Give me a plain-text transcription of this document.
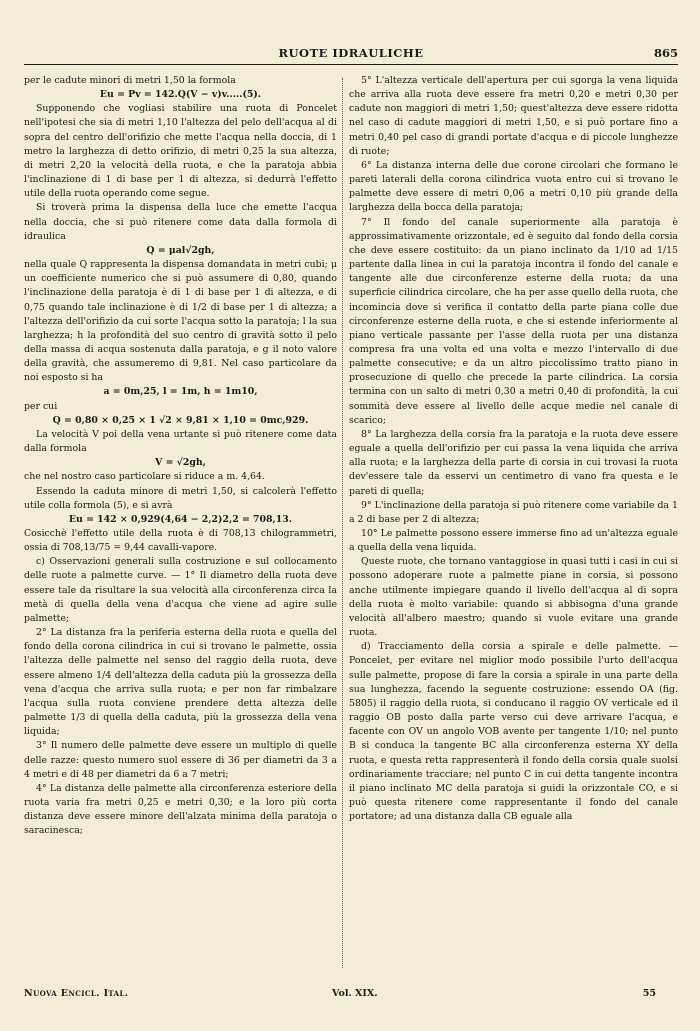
RUOTE IDRAULICHE	865

per le cadute minori di metri 1,50 la formola

Eu = Pv = 142.Q(V − v)v.....(5).

Supponendo che vogliasi stabilire una ruota di Poncelet nell'ipotesi che sia di metri 1,10 l'altezza del pelo dell'acqua al di sopra del centro dell'orifizio che mette l'acqua nella doccia, di 1 metro la larghezza di detto orifizio, di metri 0,25 la sua altezza, di metri 2,20 la velocità della ruota, e che la paratoja abbia l'inclinazione di 1 di base per 1 di altezza, si dedurrà l'effetto utile della ruota operando come segue.

Si troverà prima la dispensa della luce che emette l'acqua nella doccia, che si può ritenere come data dalla formola di idraulica

Q = μal√2gh,

nella quale Q rappresenta la dispensa domandata in metri cubi; μ un coefficiente numerico che si può assumere di 0,80, quando l'inclinazione della paratoja è di 1 di base per 1 di altezza, e di 0,75 quando tale inclinazione è di 1/2 di base per 1 di altezza; a l'altezza dell'orifizio da cui sorte l'acqua sotto la paratoja; l la sua larghezza; h la profondità del suo centro di gravità sotto il pelo della massa di acqua sostenuta dalla paratoja, e g il noto valore della gravità, che assumeremo di 9,81. Nel caso particolare da noi esposto si ha

a = 0m,25, l = 1m, h = 1m10,

per cui

Q = 0,80 × 0,25 × 1 √2 × 9,81 × 1,10 = 0mc,929.

La velocità V poi della vena urtante si può ritenere come data dalla formola

V = √2gh,

che nel nostro caso particolare si riduce a m. 4,64.

Essendo la caduta minore di metri 1,50, si calcolerà l'effetto utile colla formola (5), e si avrà

Eu = 142 × 0,929(4,64 − 2,2)2,2 = 708,13.

Cosicchè l'effetto utile della ruota è di 708,13 chilogrammetri, ossia di 708,13/75 = 9,44 cavalli-vapore.

c) Osservazioni generali sulla costruzione e sul collocamento delle ruote a palmette curve. — 1° Il diametro della ruota deve essere tale da risultare la sua velocità alla circonferenza circa la metà di quella della vena d'acqua che viene ad agire sulle palmette;

2° La distanza fra la periferia esterna della ruota e quella del fondo della corona cilindrica in cui si trovano le palmette, ossia l'altezza delle palmette nel senso del raggio della ruota, deve essere almeno 1/4 dell'altezza della caduta più la grossezza della vena d'acqua che arriva sulla ruota; e per non far rimbalzare l'acqua sulla ruota conviene prendere detta altezza delle palmette 1/3 di quella della caduta, più la grossezza della vena liquida;

3° Il numero delle palmette deve essere un multiplo di quelle delle razze: questo numero suol essere di 36 per diametri da 3 a 4 metri e di 48 per diametri da 6 a 7 metri;

4° La distanza delle palmette alla circonferenza esteriore della ruota varia fra metri 0,25 e metri 0,30; e la loro più corta distanza deve essere minore dell'alzata minima della paratoja o saracinesca;

5° L'altezza verticale dell'apertura per cui sgorga la vena liquida che arriva alla ruota deve essere fra metri 0,20 e metri 0,30 per cadute non maggiori di metri 1,50; quest'altezza deve essere ridotta nel caso di cadute maggiori di metri 1,50, e si può portare fino a metri 0,40 pel caso di grandi portate d'acqua e di piccole lunghezze di ruote;

6° La distanza interna delle due corone circolari che formano le pareti laterali della corona cilindrica vuota entro cui si trovano le palmette deve essere di metri 0,06 a metri 0,10 più grande della larghezza della bocca della paratoja;

7° Il fondo del canale superiormente alla paratoja è approssimativamente orizzontale, ed è seguito dal fondo della corsia che deve essere costituito: da un piano inclinato da 1/10 ad 1/15 partente dalla linea in cui la paratoja incontra il fondo del canale e tangente alle due circonferenze esterne della ruota; da una superficie cilindrica circolare, che ha per asse quello della ruota, che incomincia dove si verifica il contatto della parte piana colle due circonferenze esterne della ruota, e che si estende inferiormente al piano verticale passante per l'asse della ruota per una distanza compresa fra una volta ed una volta e mezzo l'intervallo di due palmette consecutive; e da un altro piccolissimo tratto piano in prosecuzione di quello che precede la parte cilindrica. La corsia termina con un salto di metri 0,30 a metri 0,40 di profondità, la cui sommità deve essere al livello delle acque medie nel canale di scarico;

8° La larghezza della corsia fra la paratoja e la ruota deve essere eguale a quella dell'orifizio per cui passa la vena liquida che arriva alla ruota; e la larghezza della parte di corsia in cui trovasi la ruota dev'essere tale da esservi un centimetro di vano fra questa e le pareti di quella;

9° L'inclinazione della paratoja si può ritenere come variabile da 1 a 2 di base per 2 di altezza;

10° Le palmette possono essere immerse fino ad un'altezza eguale a quella della vena liquida.

Queste ruote, che tornano vantaggiose in quasi tutti i casi in cui si possono adoperare ruote a palmette piane in corsia, si possono anche utilmente impiegare quando il livello dell'acqua al di sopra della ruota è molto variabile: quando si abbisogna d'una grande velocità all'albero maestro; quando si vuole evitare una grande ruota.

d) Tracciamento della corsia a spirale e delle palmette. — Poncelet, per evitare nel miglior modo possibile l'urto dell'acqua sulle palmette, propose di fare la corsia a spirale in una parte della sua lunghezza, facendo la seguente costruzione: essendo OA (fig. 5805) il raggio della ruota, si conducano il raggio OV verticale ed il raggio OB posto dalla parte verso cui deve arrivare l'acqua, e facente con OV un angolo VOB avente per tangente 1/10; nel punto B si conduca la tangente BC alla circonferenza esterna XY della ruota, e questa retta rappresenterà il fondo della corsia quale suolsi ordinariamente tracciare; nel punto C in cui detta tangente incontra il piano inclinato MC della paratoja si guidi la orizzontale CO, e si può questa ritenere come rappresentante il fondo del canale portatore; ad una distanza dalla CB eguale alla

Nuova Encicl. Ital.	Vol. XIX.	55
